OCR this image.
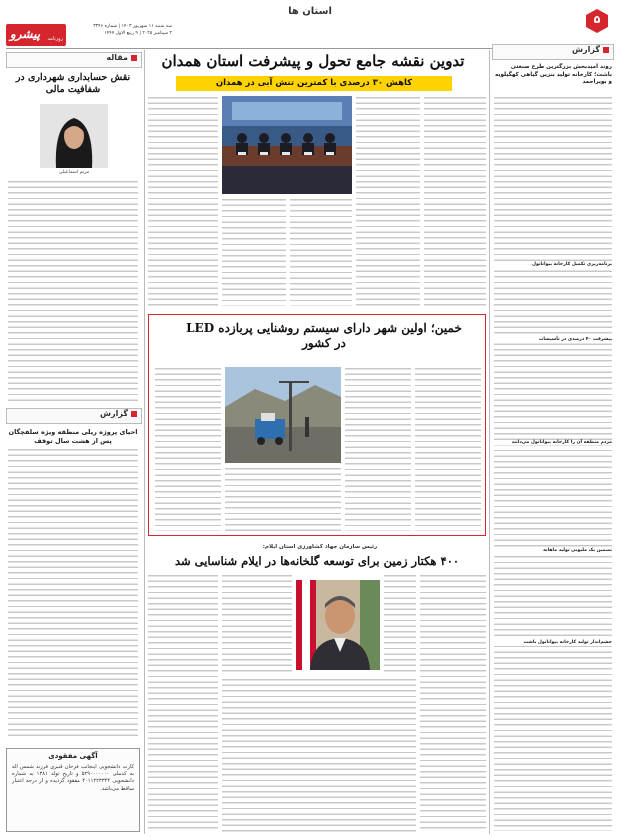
استان ها
۵
پیشرو روزنامه
سه شنبه ۱۱ شهریور ۱۴۰۳ | شماره ۳۳۴۶
۲ سپتامبر ۲۰۲۵ | ۹ ربیع الاول ۱۴۴۷
گزارش
روند امیدبخش بزرگترین طرح صنعتی باشت؛ کارخانه تولید بنزین گیاهی کهگیلویه و بویراحمد
برنامه‌ریزی تکمیل کارخانه بیواتانول
پیشرفت ۴۰ درصدی در تأسیسات
مردم منطقه آن را کارخانه بیواتانول می‌دانند
تضمین یک ملیونی تولید ماهانه
چشم‌انداز تولید کارخانه بیواتانول باشت
تدوین نقشه جامع تحول و پیشرفت استان همدان
کاهش ۳۰ درصدی با کمترین تنش آبی در همدان
خمین؛ اولین شهر دارای سیستم روشنایی پربازده LED در کشور
رئیس سازمان جهاد کشاورزی استان ایلام:
۴۰۰ هکتار زمین برای توسعه گلخانه‌ها در ایلام شناسایی شد
مقاله
نقش حسابداری شهرداری در شفافیت مالی
مریم اسماعیلی
گزارش
احیای پروژه ریلی منطقه ویژه سلفچگان پس از هشت سال توقف
آگهی مفقودی
کارت دانشجویی اینجانب فرحان قنبری فرزند شمس اله به کدملی ۵۲۹۰۰۰۰۰۰۰ و تاریخ تولد ۱۳۸۱ به شماره دانشجویی ۴۰۱۱۲۲۳۳۴۴ مفقود گردیده و از درجه اعتبار ساقط می‌باشد.
